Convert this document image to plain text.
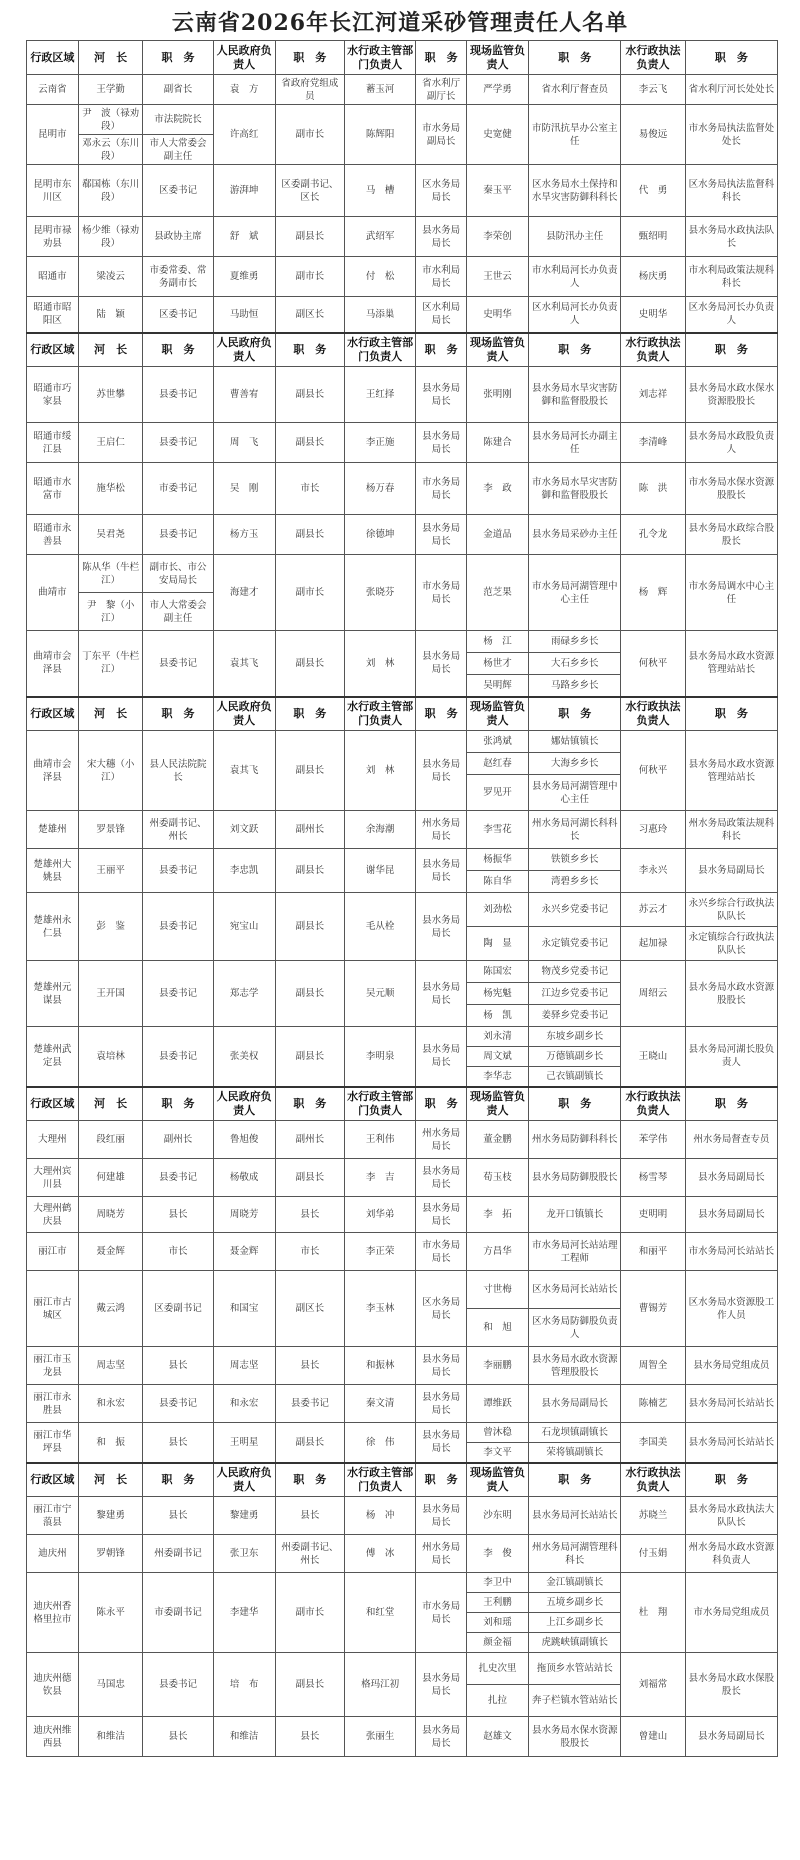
云南省2026年长江河道采砂管理责任人名单
行政区域	河　长	职　务	人民政府负责人	职　务	水行政主管部门负责人	职　务	现场监管负责人	职　务	水行政执法负责人	职　务
云南省	王学勤	副省长	袁　方	省政府党组成员	蓄玉河	省水利厅副厅长	严学勇	省水利厅督查员	李云飞	省水利厅河长处处长
昆明市	尹　波（禄劝段）	市法院院长	许高红	副市长	陈辉阳	市水务局副局长	史宽健	市防汛抗旱办公室主任	易俊远	市水务局执法监督处处长
	邓永云（东川段）	市人大常委会副主任								
昆明市东川区	郗国栋（东川段）	区委书记	游湃坤	区委副书记、区长	马　槽	区水务局局长	秦玉平	区水务局水土保持和水旱灾害防御科科长	代　勇	区水务局执法监督科科长
昆明市禄劝县	杨少维（禄劝段）	县政协主席	舒　斌	副县长	武绍军	县水务局局长	李荣创	县防汛办主任	甄绍明	县水务局水政执法队长
昭通市	梁凌云	市委常委、常务副市长	夏维勇	副市长	付　松	市水利局局长	王世云	市水利局河长办负责人	杨庆勇	市水利局政策法规科科长
昭通市昭阳区	陆　颖	区委书记	马助恒	副区长	马添巢	区水利局局长	史明华	区水利局河长办负责人	史明华	区水务局河长办负责人
行政区域	河　长	职　务	人民政府负责人	职　务	水行政主管部门负责人	职　务	现场监管负责人	职　务	水行政执法负责人	职　务
昭通市巧家县	苏世攀	县委书记	曹善宥	副县长	王红择	县水务局局长	张明刚	县水务局水旱灾害防御和监督股股长	刘志祥	县水务局水政水保水资源股股长
昭通市绥江县	王启仁	县委书记	周　飞	副县长	李正施	县水务局局长	陈建合	县水务局河长办副主任	李清峰	县水务局水政股负责人
昭通市水富市	施华松	市委书记	吴　刚	市长	杨万春	市水务局局长	李　政	市水务局水旱灾害防御和监督股股长	陈　洪	市水务局水保水资源股股长
昭通市永善县	吴君尧	县委书记	杨方玉	副县长	徐德坤	县水务局局长	金道品	县水务局采砂办主任	孔令龙	县水务局水政综合股股长
曲靖市	陈从华（牛栏江）	副市长、市公安局局长	海建才	副市长	张晓芬	市水务局局长	范芝果	市水务局河湖管理中心主任	杨　辉	市水务局调水中心主任
	尹　黎（小江）	市人大常委会副主任								
曲靖市会泽县	丁东平（牛栏江）	县委书记	袁其飞	副县长	刘　林	县水务局局长	杨　江	雨碌乡乡长	何秋平	县水务局水政水资源管理站站长
							杨世才	大石乡乡长		
							吴明辉	马路乡乡长		
行政区域	河　长	职　务	人民政府负责人	职　务	水行政主管部门负责人	职　务	现场监管负责人	职　务	水行政执法负责人	职　务
曲靖市会泽县	宋大穗（小江）	县人民法院院长	袁其飞	副县长	刘　林	县水务局局长	张鸿斌	娜姑镇镇长	何秋平	县水务局水政水资源管理站站长
							赵红春	大海乡乡长		
							罗见开	县水务局河湖管理中心主任		
楚雄州	罗景锋	州委副书记、州长	刘文跃	副州长	余海潮	州水务局局长	李雪花	州水务局河湖长科科长	习惠玲	州水务局政策法规科科长
楚雄州大姚县	王丽平	县委书记	李忠凯	副县长	谢华昆	县水务局局长	杨振华	铁锁乡乡长	李永兴	县水务局副局长
							陈自华	湾碧乡乡长		
楚雄州永仁县	彭　鉴	县委书记	宛宝山	副县长	毛从栓	县水务局局长	刘劲松	永兴乡党委书记	苏云才	永兴乡综合行政执法队队长
							陶　显	永定镇党委书记	起加禄	永定镇综合行政执法队队长
楚雄州元谋县	王开国	县委书记	郑志学	副县长	吴元顺	县水务局局长	陈国宏	物茂乡党委书记	周绍云	县水务局水政水资源股股长
							杨宪魁	江边乡党委书记		
							杨　凯	姜驿乡党委书记		
楚雄州武定县	袁培林	县委书记	张美权	副县长	李明泉	县水务局局长	刘永清	东坡乡副乡长	王晓山	县水务局河湖长股负责人
							周文斌	万德镇副乡长		
							李华志	己衣镇副镇长		
行政区域	河　长	职　务	人民政府负责人	职　务	水行政主管部门负责人	职　务	现场监管负责人	职　务	水行政执法负责人	职　务
大理州	段红丽	副州长	鲁旭俊	副州长	王利伟	州水务局局长	董金鹏	州水务局防御科科长	苯学伟	州水务局督查专员
大理州宾川县	何建雄	县委书记	杨敬成	副县长	李　吉	县水务局局长	荀玉枝	县水务局防御股股长	杨雪琴	县水务局副局长
大理州鹤庆县	周晓芳	县长	周晓芳	县长	刘华弟	县水务局局长	李　拓	龙开口镇镇长	吏明明	县水务局副局长
丽江市	聂金辉	市长	聂金辉	市长	李正荣	市水务局局长	方昌华	市水务局河长站站理工程师	和丽平	市水务局河长站站长
丽江市古城区	戴云鸿	区委副书记	和国宝	副区长	李玉林	区水务局局长	寸世梅	区水务局河长站站长	曹锡芳	区水务局水资源股工作人员
							和　旭	区水务局防御股负责人		
丽江市玉龙县	周志坚	县长	周志坚	县长	和振林	县水务局局长	李丽鹏	县水务局水政水资源管理股股长	周智全	县水务局党组成员
丽江市永胜县	和永宏	县委书记	和永宏	县委书记	秦文清	县水务局局长	谭维跃	县水务局副局长	陈楠艺	县水务局河长站站长
丽江市华坪县	和　振	县长	王明星	副县长	徐　伟	县水务局局长	曾沐稳	石龙坝镇副镇长	李国美	县水务局河长站站长
							李文平	荣将镇副镇长		
行政区域	河　长	职　务	人民政府负责人	职　务	水行政主管部门负责人	职　务	现场监管负责人	职　务	水行政执法负责人	职　务
丽江市宁蒗县	黎建勇	县长	黎建勇	县长	杨　冲	县水务局局长	沙东明	县水务局河长站站长	苏晓兰	县水务局水政执法大队队长
迪庆州	罗朝锋	州委副书记	张卫东	州委副书记、州长	傅　冰	州水务局局长	李　俊	州水务局河湖管理科科长	付玉娟	州水务局水政水资源科负责人
迪庆州香格里拉市	陈永平	市委副书记	李建华	副市长	和红堂	市水务局局长	李卫中	金江镇副镇长	杜　翔	市水务局党组成员
							王利鹏	五境乡副乡长		
							刘和瑶	上江乡副乡长		
							颜金福	虎跳峡镇副镇长		
迪庆州德钦县	马国忠	县委书记	培　布	副县长	格玛江初	县水务局局长	扎史次里	拖顶乡水管站站长	刘福常	县水务局水政水保股股长
							扎拉	奔子栏镇水管站站长		
迪庆州维西县	和维洁	县长	和维洁	县长	张丽生	县水务局局长	赵雄文	县水务局水保水资源股股长	曾建山	县水务局副局长
